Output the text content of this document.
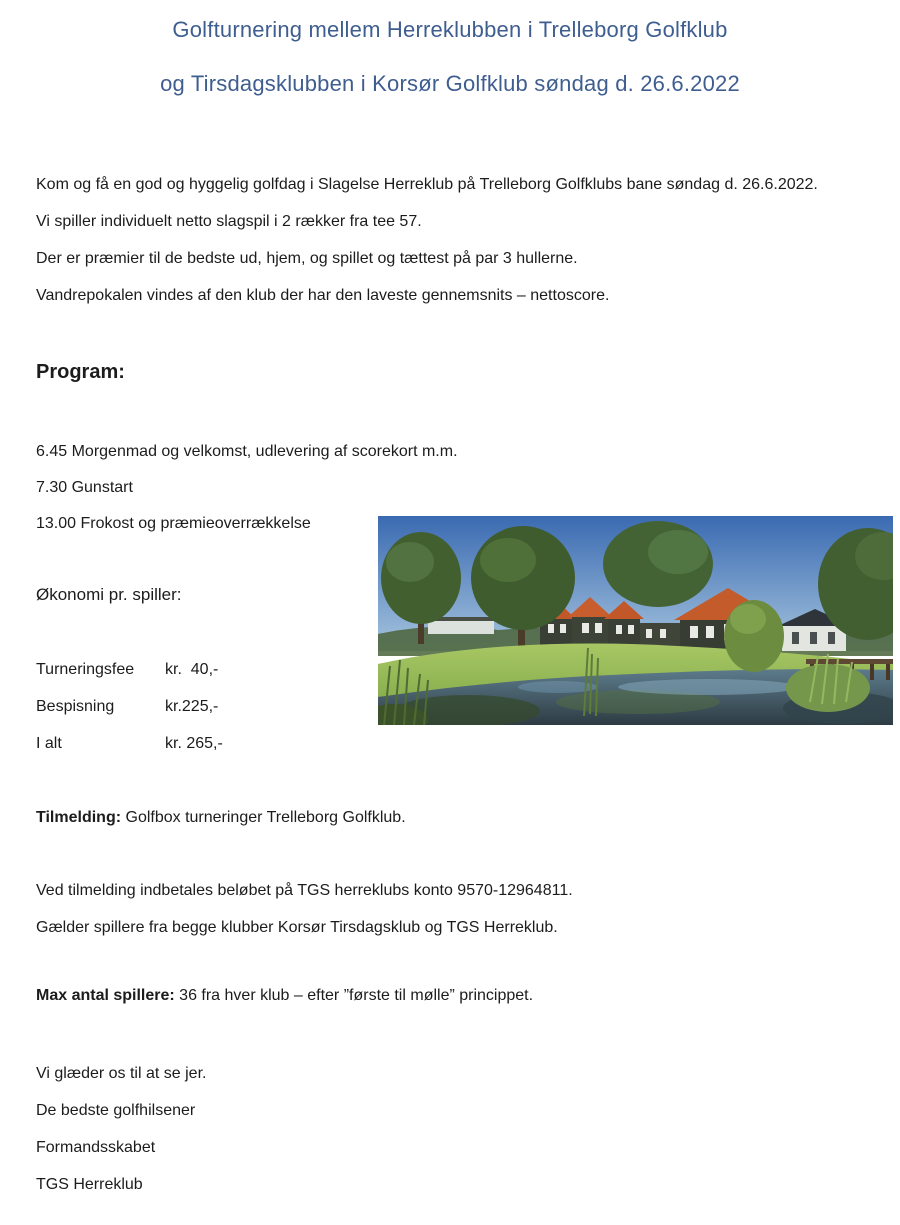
Golfturnering mellem Herreklubben i Trelleborg Golfklub

og Tirsdagsklubben i Korsør Golfklub søndag d. 26.6.2022

Kom og få en god og hyggelig golfdag i Slagelse Herreklub på Trelleborg Golfklubs bane søndag d. 26.6.2022.

Vi spiller individuelt netto slagspil i 2 rækker fra tee 57.

Der er præmier til de bedste ud, hjem, og spillet og tættest på par 3 hullerne.

Vandrepokalen vindes af den klub der har den laveste gennemsnits – nettoscore.

Program:

6.45 Morgenmad og velkomst, udlevering af scorekort m.m.

7.30 Gunstart

13.00 Frokost og præmieoverrækkelse

Økonomi pr. spiller:

Turneringsfee kr.  40,-

Bespisning	kr.225,-

I alt	kr. 265,-

Tilmelding: Golfbox turneringer Trelleborg Golfklub.

Ved tilmelding indbetales beløbet på TGS herreklubs konto 9570-12964811.

Gælder spillere fra begge klubber Korsør Tirsdagsklub og TGS Herreklub.

Max antal spillere: 36 fra hver klub – efter ”første til mølle” princippet.

Vi glæder os til at se jer.

De bedste golfhilsener

Formandsskabet

TGS Herreklub
